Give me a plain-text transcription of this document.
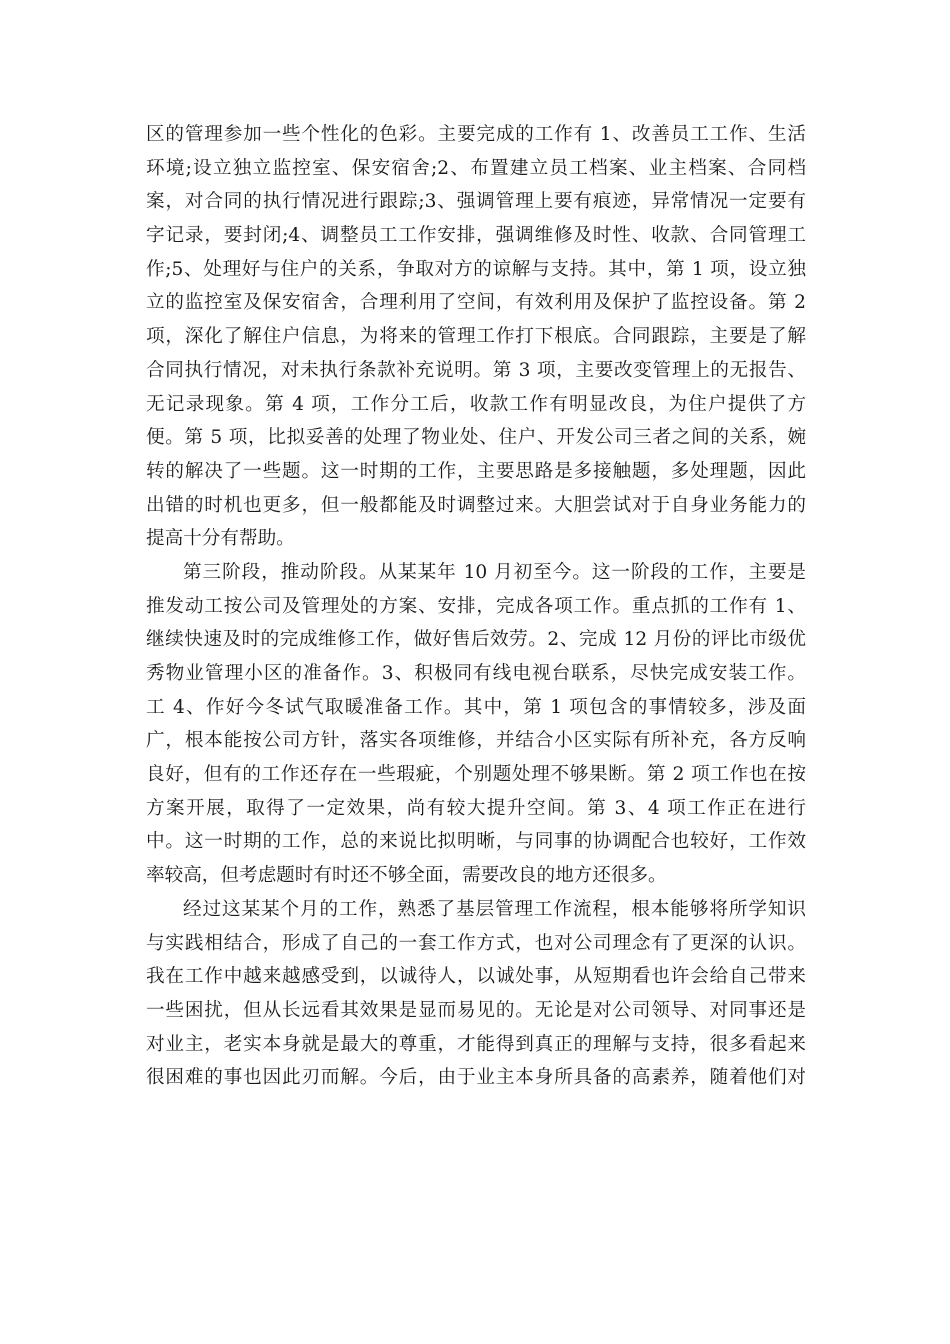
区的管理参加一些个性化的色彩。主要完成的工作有 1、改善员工工作、生活
环境;设立独立监控室、保安宿舍;2、布置建立员工档案、业主档案、合同档
案，对合同的执行情况进行跟踪;3、强调管理上要有痕迹，异常情况一定要有
字记录，要封闭;4、调整员工工作安排，强调维修及时性、收款、合同管理工
作;5、处理好与住户的关系，争取对方的谅解与支持。其中，第 1 项，设立独
立的监控室及保安宿舍，合理利用了空间，有效利用及保护了监控设备。第 2
项，深化了解住户信息，为将来的管理工作打下根底。合同跟踪，主要是了解
合同执行情况，对未执行条款补充说明。第 3 项，主要改变管理上的无报告、
无记录现象。第 4 项，工作分工后，收款工作有明显改良，为住户提供了方
便。第 5 项，比拟妥善的处理了物业处、住户、开发公司三者之间的关系，婉
转的解决了一些题。这一时期的工作，主要思路是多接触题，多处理题，因此
出错的时机也更多，但一般都能及时调整过来。大胆尝试对于自身业务能力的
提高十分有帮助。
第三阶段，推动阶段。从某某年 10 月初至今。这一阶段的工作，主要是
推发动工按公司及管理处的方案、安排，完成各项工作。重点抓的工作有 1、
继续快速及时的完成维修工作，做好售后效劳。2、完成 12 月份的评比市级优
秀物业管理小区的准备作。3、积极同有线电视台联系，尽快完成安装工作。
工 4、作好今冬试气取暖准备工作。其中，第 1 项包含的事情较多，涉及面
广，根本能按公司方针，落实各项维修，并结合小区实际有所补充，各方反响
良好，但有的工作还存在一些瑕疵，个别题处理不够果断。第 2 项工作也在按
方案开展，取得了一定效果，尚有较大提升空间。第 3、4 项工作正在进行
中。这一时期的工作，总的来说比拟明晰，与同事的协调配合也较好，工作效
率较高，但考虑题时有时还不够全面，需要改良的地方还很多。
经过这某某个月的工作，熟悉了基层管理工作流程，根本能够将所学知识
与实践相结合，形成了自己的一套工作方式，也对公司理念有了更深的认识。
我在工作中越来越感受到，以诚待人，以诚处事，从短期看也许会给自己带来
一些困扰，但从长远看其效果是显而易见的。无论是对公司领导、对同事还是
对业主，老实本身就是最大的尊重，才能得到真正的理解与支持，很多看起来
很困难的事也因此刃而解。今后，由于业主本身所具备的高素养，随着他们对
